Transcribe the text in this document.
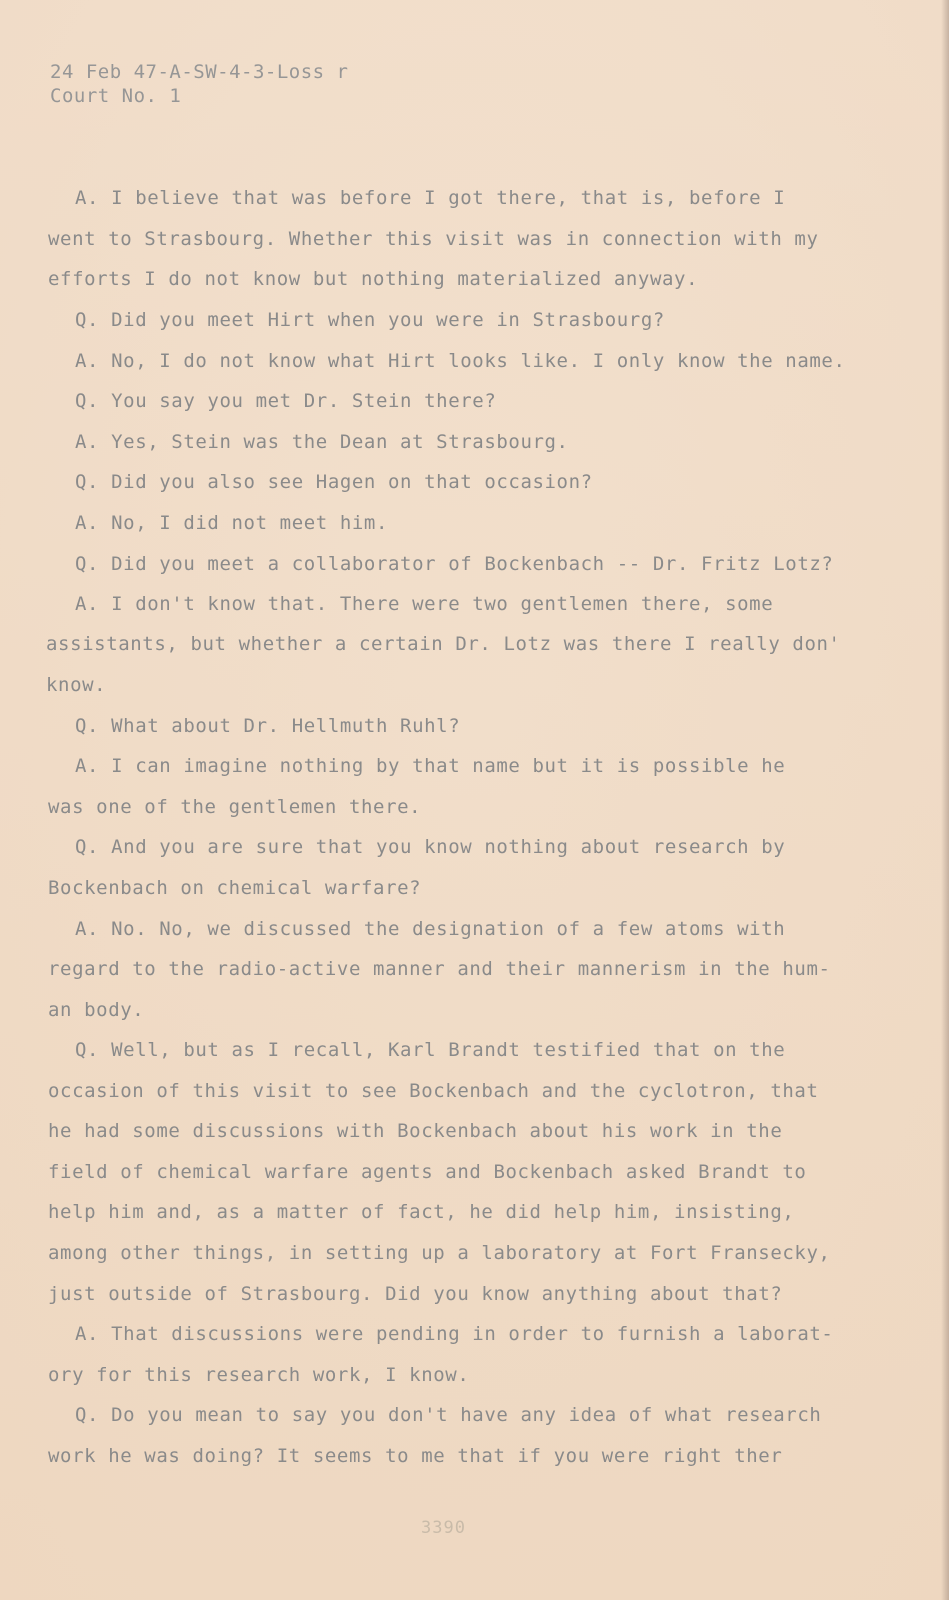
24 Feb 47-A-SW-4-3-Loss r
Court No. 1
A. I believe that was before I got there, that is, before I
went to Strasbourg. Whether this visit was in connection with my
efforts I do not know but nothing materialized anyway.
Q. Did you meet Hirt when you were in Strasbourg?
A. No, I do not know what Hirt looks like. I only know the name.
Q. You say you met Dr. Stein there?
A. Yes, Stein was the Dean at Strasbourg.
Q. Did you also see Hagen on that occasion?
A. No, I did not meet him.
Q. Did you meet a collaborator of Bockenbach -- Dr. Fritz Lotz?
A. I don't know that. There were two gentlemen there, some
assistants, but whether a certain Dr. Lotz was there I really don'
know.
Q. What about Dr. Hellmuth Ruhl?
A. I can imagine nothing by that name but it is possible he
was one of the gentlemen there.
Q. And you are sure that you know nothing about research by
Bockenbach on chemical warfare?
A. No. No, we discussed the designation of a few atoms with
regard to the radio-active manner and their mannerism in the hum-
an body.
Q. Well, but as I recall, Karl Brandt testified that on the
occasion of this visit to see Bockenbach and the cyclotron, that
he had some discussions with Bockenbach about his work in the
field of chemical warfare agents and Bockenbach asked Brandt to
help him and, as a matter of fact, he did help him, insisting,
among other things, in setting up a laboratory at Fort Fransecky,
just outside of Strasbourg. Did you know anything about that?
A. That discussions were pending in order to furnish a laborat-
ory for this research work, I know.
Q. Do you mean to say you don't have any idea of what research
work he was doing? It seems to me that if you were right ther
3390
